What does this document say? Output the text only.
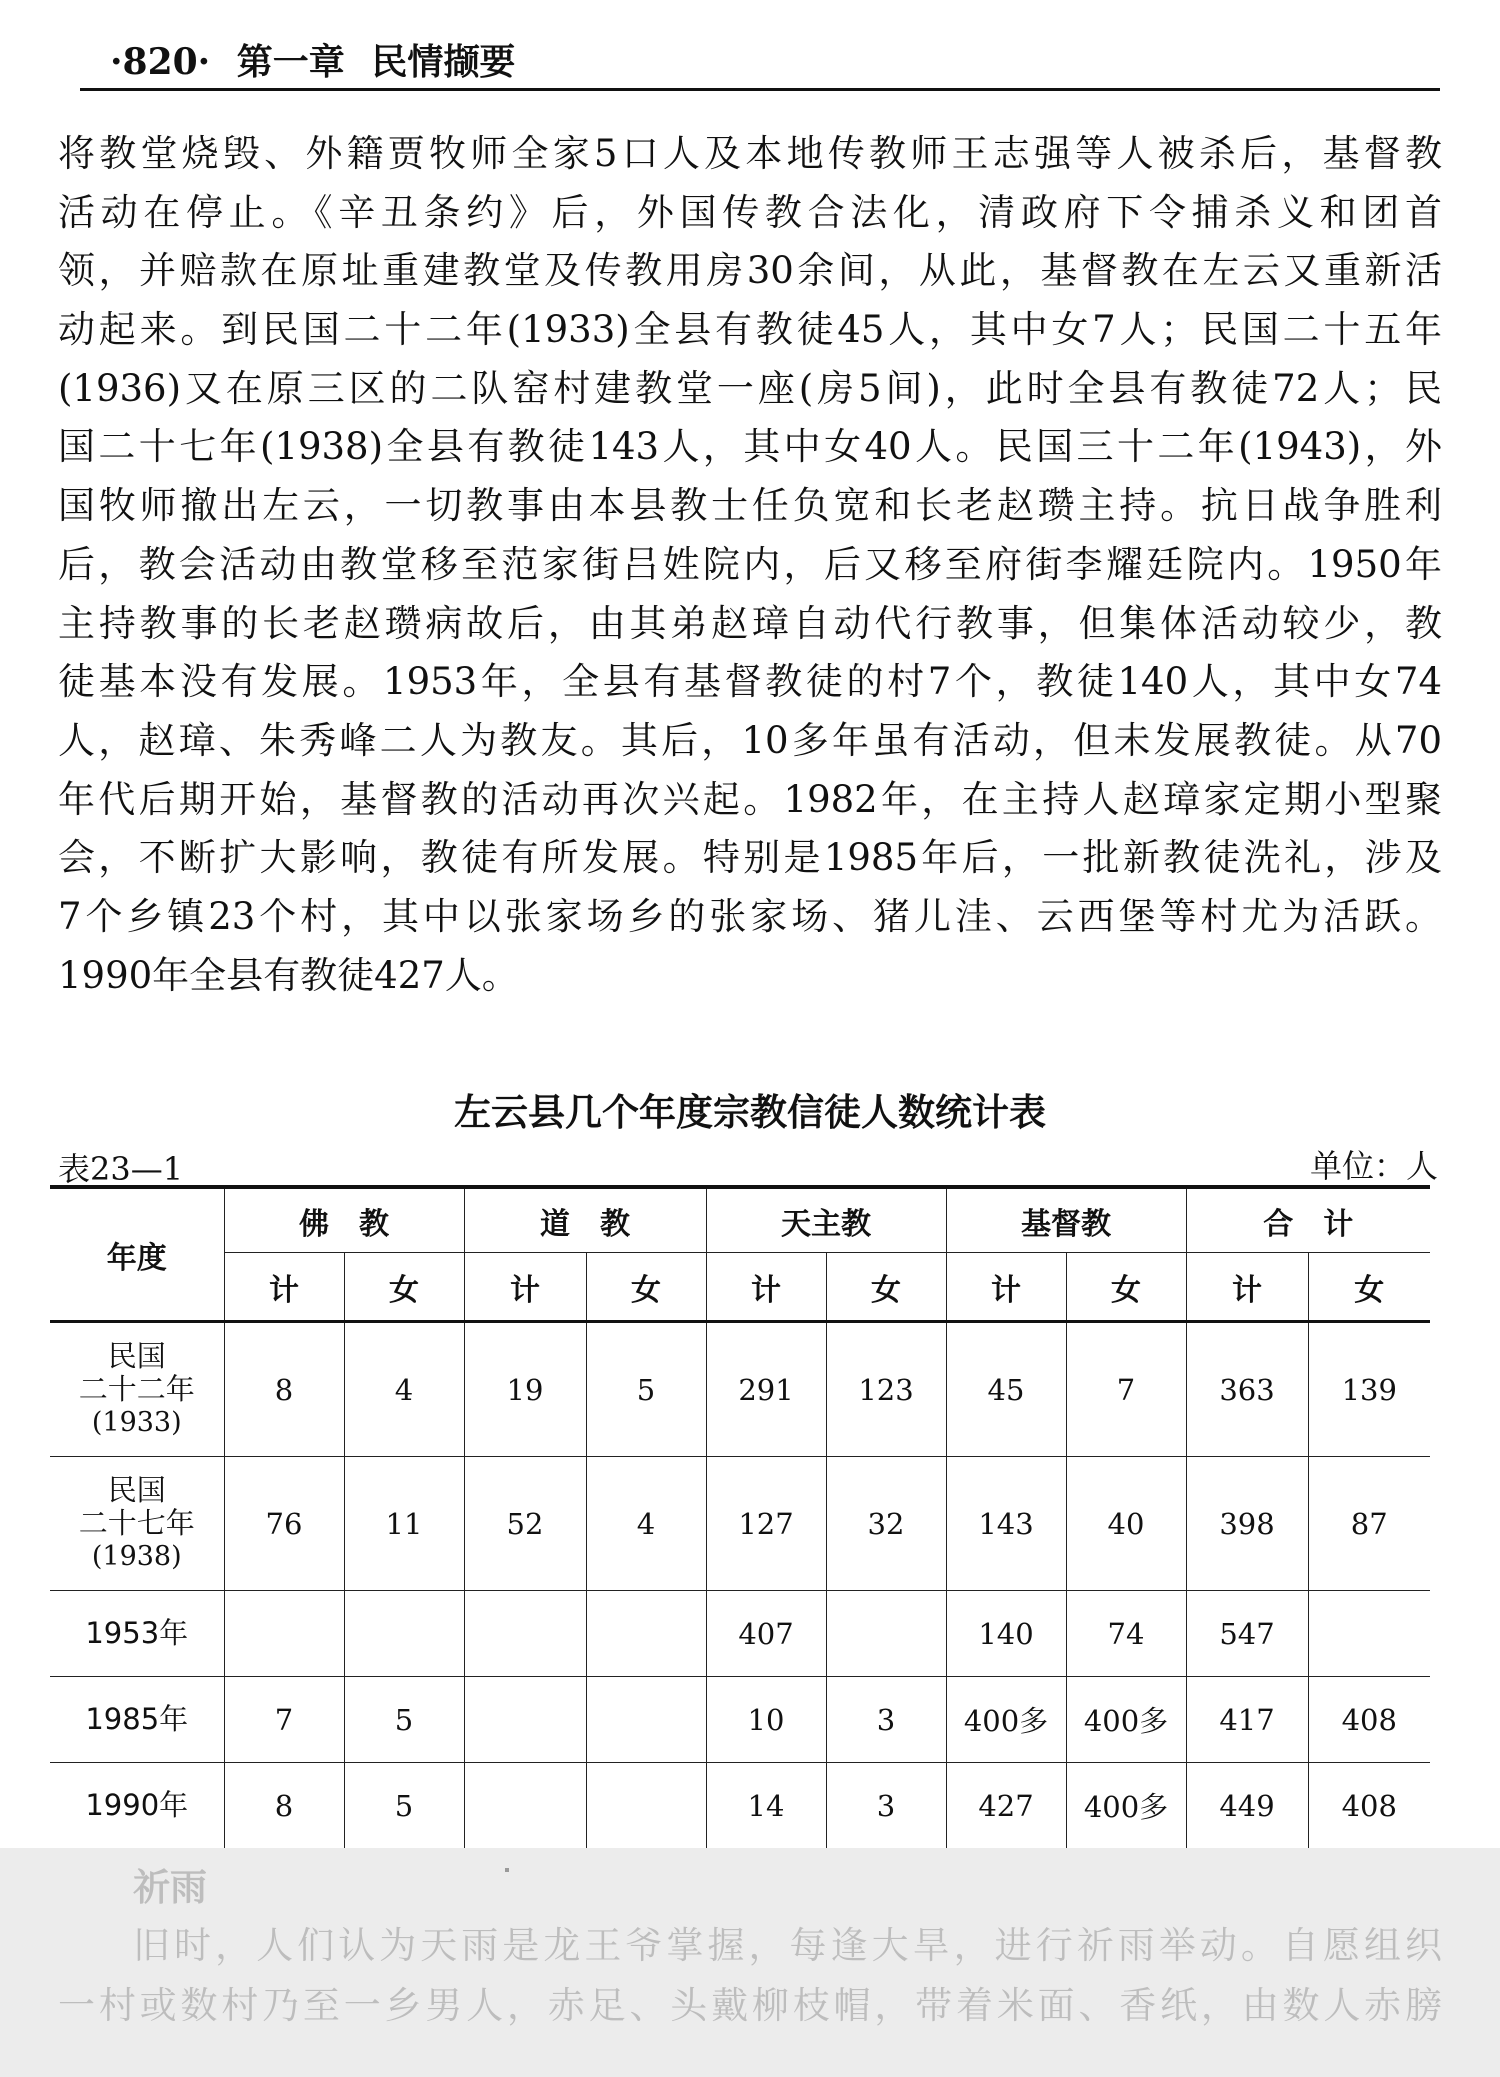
·820· 第一章 民情撷要
将教堂烧毁、外籍贾牧师全家5口人及本地传教师王志强等人被杀后，基督教
活动在停止。《辛丑条约》后，外国传教合法化，清政府下令捕杀义和团首
领，并赔款在原址重建教堂及传教用房30余间，从此，基督教在左云又重新活
动起来。到民国二十二年(1933)全县有教徒45人，其中女7人；民国二十五年
(1936)又在原三区的二队窑村建教堂一座(房5间)，此时全县有教徒72人；民
国二十七年(1938)全县有教徒143人，其中女40人。民国三十二年(1943)，外
国牧师撤出左云，一切教事由本县教士任负宽和长老赵瓒主持。抗日战争胜利
后，教会活动由教堂移至范家街吕姓院内，后又移至府街李耀廷院内。1950年
主持教事的长老赵瓒病故后，由其弟赵璋自动代行教事，但集体活动较少，教
徒基本没有发展。1953年，全县有基督教徒的村7个，教徒140人，其中女74
人，赵璋、朱秀峰二人为教友。其后，10多年虽有活动，但未发展教徒。从70
年代后期开始，基督教的活动再次兴起。1982年，在主持人赵璋家定期小型聚
会，不断扩大影响，教徒有所发展。特别是1985年后，一批新教徒洗礼，涉及
7个乡镇23个村，其中以张家场乡的张家场、猪儿洼、云西堡等村尤为活跃。
1990年全县有教徒427人。
左云县几个年度宗教信徒人数统计表
表23—1	单位：人
年度	佛　教		道　教		天主教		基督教		合　计	
	计	女	计	女	计	女	计	女	计	女

民国
二十二年
(1933)	8	4	19	5	291	123	45	7	363	139

民国
二十七年
(1938)	76	11	52	4	127	32	143	40	398	87
1953年					407		140	74	547	
1985年	7	5			10	3	400多	400多	417	408
1990年	8	5			14	3	427	400多	449	408
祈雨
旧时，人们认为天雨是龙王爷掌握，每逢大旱，进行祈雨举动。自愿组织
一村或数村乃至一乡男人，赤足、头戴柳枝帽，带着米面、香纸，由数人赤膀
